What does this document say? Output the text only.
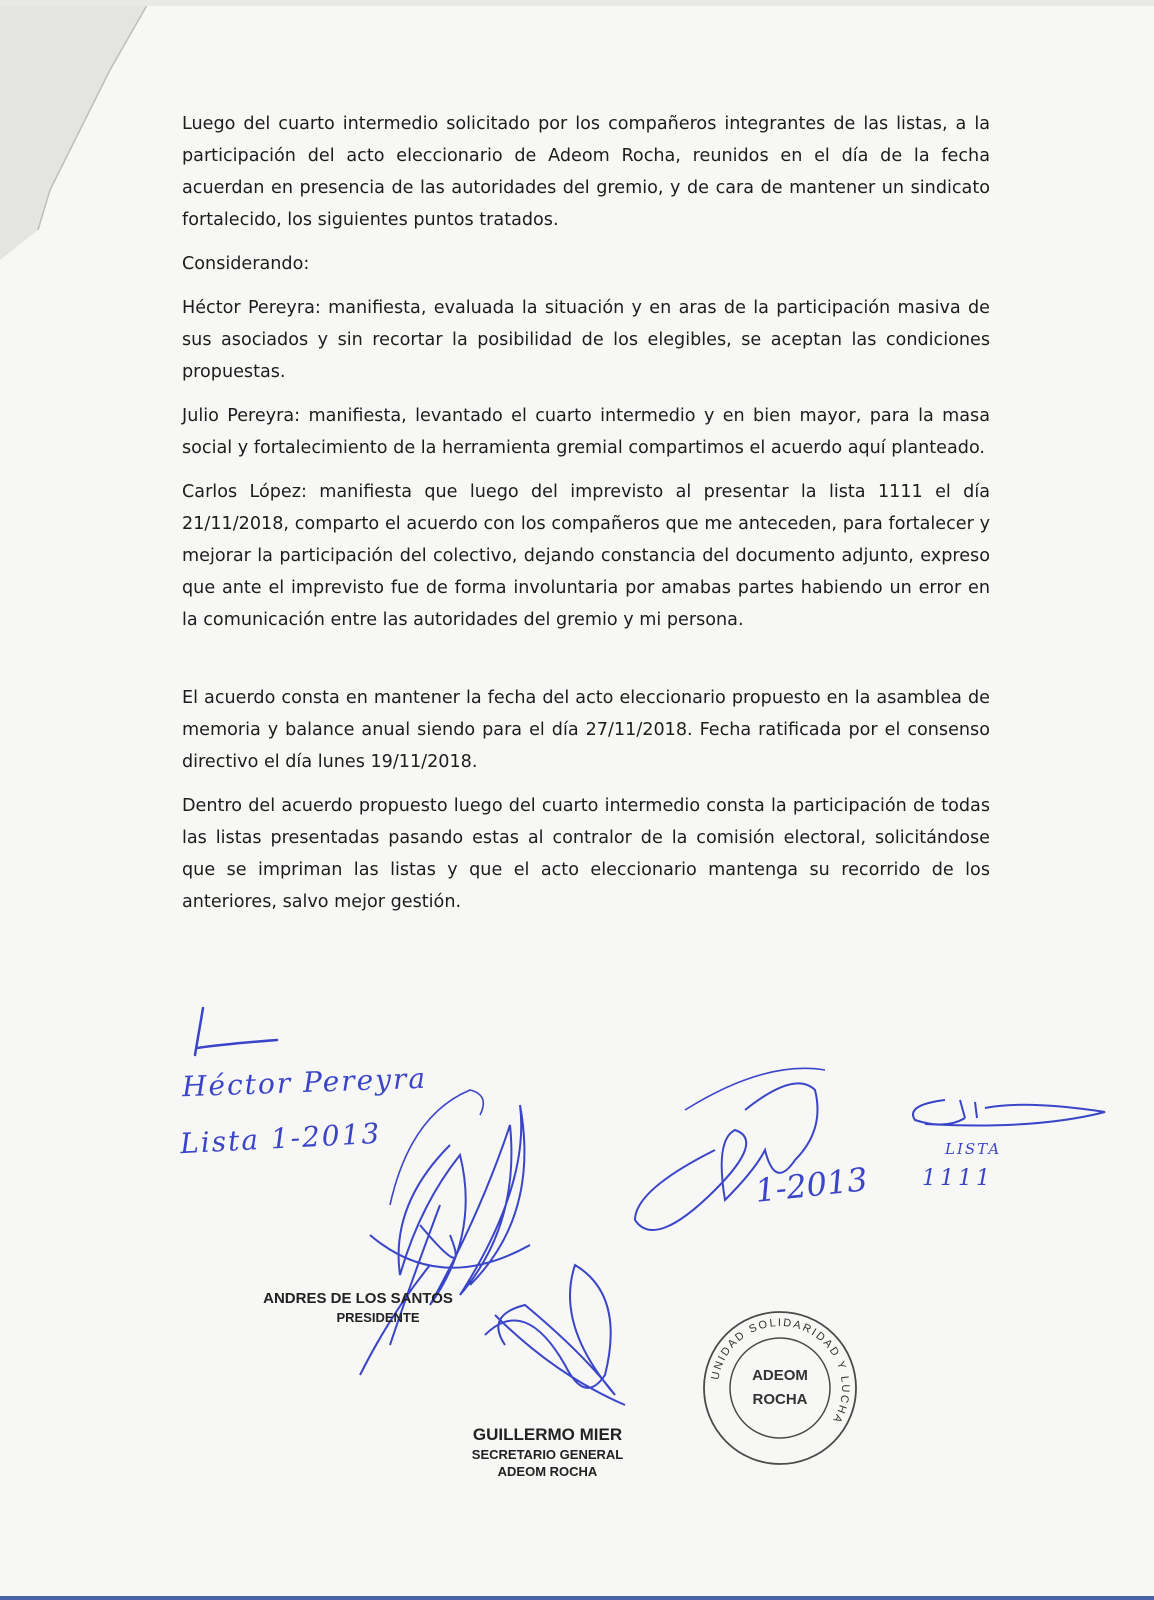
Luego del cuarto intermedio solicitado por los compañeros integrantes de las listas, a la participación del acto eleccionario de Adeom Rocha, reunidos en el día de la fecha acuerdan en presencia de las autoridades del gremio, y de cara de mantener un sindicato fortalecido, los siguientes puntos tratados.

Considerando:

Héctor Pereyra: manifiesta, evaluada la situación y en aras de la participación masiva de sus asociados y sin recortar la posibilidad de los elegibles, se aceptan las condiciones propuestas.

Julio Pereyra: manifiesta, levantado el cuarto intermedio y en bien mayor, para la masa social y fortalecimiento de la herramienta gremial compartimos el acuerdo aquí planteado.

Carlos López: manifiesta que luego del imprevisto al presentar la lista 1111 el día 21/11/2018, comparto el acuerdo con los compañeros que me anteceden, para fortalecer y mejorar la participación del colectivo, dejando constancia del documento adjunto, expreso que ante el imprevisto fue de forma involuntaria por amabas partes habiendo un error en la comunicación entre las autoridades del gremio y mi persona.

El acuerdo consta en mantener la fecha del acto eleccionario propuesto en la asamblea de memoria y balance anual siendo para el día 27/11/2018. Fecha ratificada por el consenso directivo el día lunes 19/11/2018.

Dentro del acuerdo propuesto luego del cuarto intermedio consta la participación de todas las listas presentadas pasando estas al contralor de la comisión electoral, solicitándose que se impriman las listas y que el acto eleccionario mantenga su recorrido de los anteriores, salvo mejor gestión.

Héctor Pereyra
Lista 1-2013
1-2013
LISTA
1111
ANDRES DE LOS SANTOS
PRESIDENTE
GUILLERMO MIER
SECRETARIO GENERAL
ADEOM ROCHA
UNIDAD SOLIDARIDAD Y LUCHA
ADEOM
ROCHA
